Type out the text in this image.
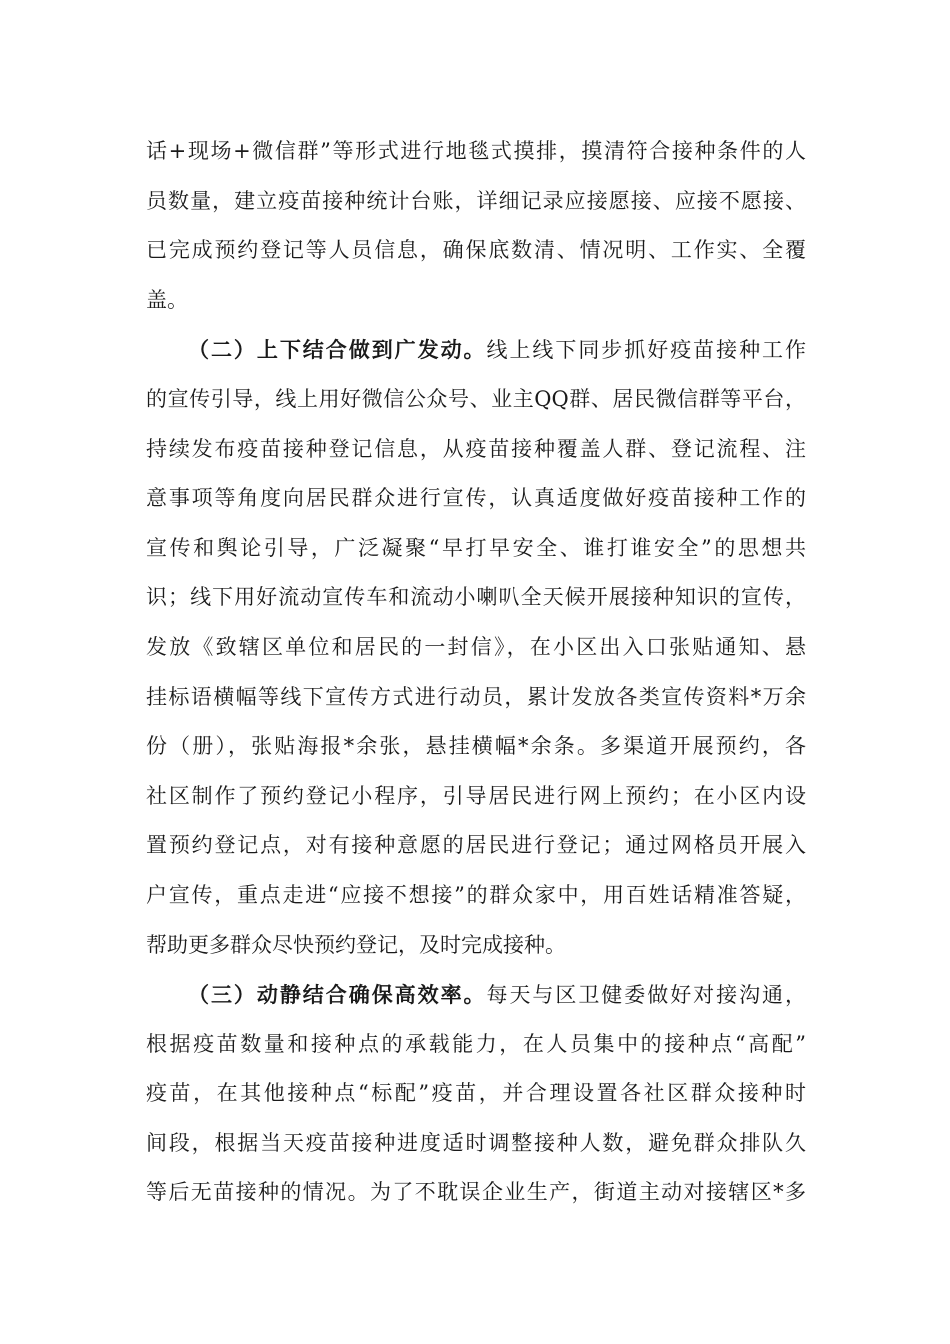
话+现场+微信群”等形式进行地毯式摸排，摸清符合接种条件的人
员数量，建立疫苗接种统计台账，详细记录应接愿接、应接不愿接、
已完成预约登记等人员信息，确保底数清、情况明、工作实、全覆
盖。
（二）上下结合做到广发动。线上线下同步抓好疫苗接种工作
的宣传引导，线上用好微信公众号、业主QQ群、居民微信群等平台，
持续发布疫苗接种登记信息，从疫苗接种覆盖人群、登记流程、注
意事项等角度向居民群众进行宣传，认真适度做好疫苗接种工作的
宣传和舆论引导，广泛凝聚“早打早安全、谁打谁安全”的思想共
识；线下用好流动宣传车和流动小喇叭全天候开展接种知识的宣传，
发放《致辖区单位和居民的一封信》，在小区出入口张贴通知、悬
挂标语横幅等线下宣传方式进行动员，累计发放各类宣传资料*万余
份（册），张贴海报*余张，悬挂横幅*余条。多渠道开展预约，各
社区制作了预约登记小程序，引导居民进行网上预约；在小区内设
置预约登记点，对有接种意愿的居民进行登记；通过网格员开展入
户宣传，重点走进“应接不想接”的群众家中，用百姓话精准答疑，
帮助更多群众尽快预约登记，及时完成接种。
（三）动静结合确保高效率。每天与区卫健委做好对接沟通，
根据疫苗数量和接种点的承载能力，在人员集中的接种点“高配”
疫苗，在其他接种点“标配”疫苗，并合理设置各社区群众接种时
间段，根据当天疫苗接种进度适时调整接种人数，避免群众排队久
等后无苗接种的情况。为了不耽误企业生产，街道主动对接辖区*多
